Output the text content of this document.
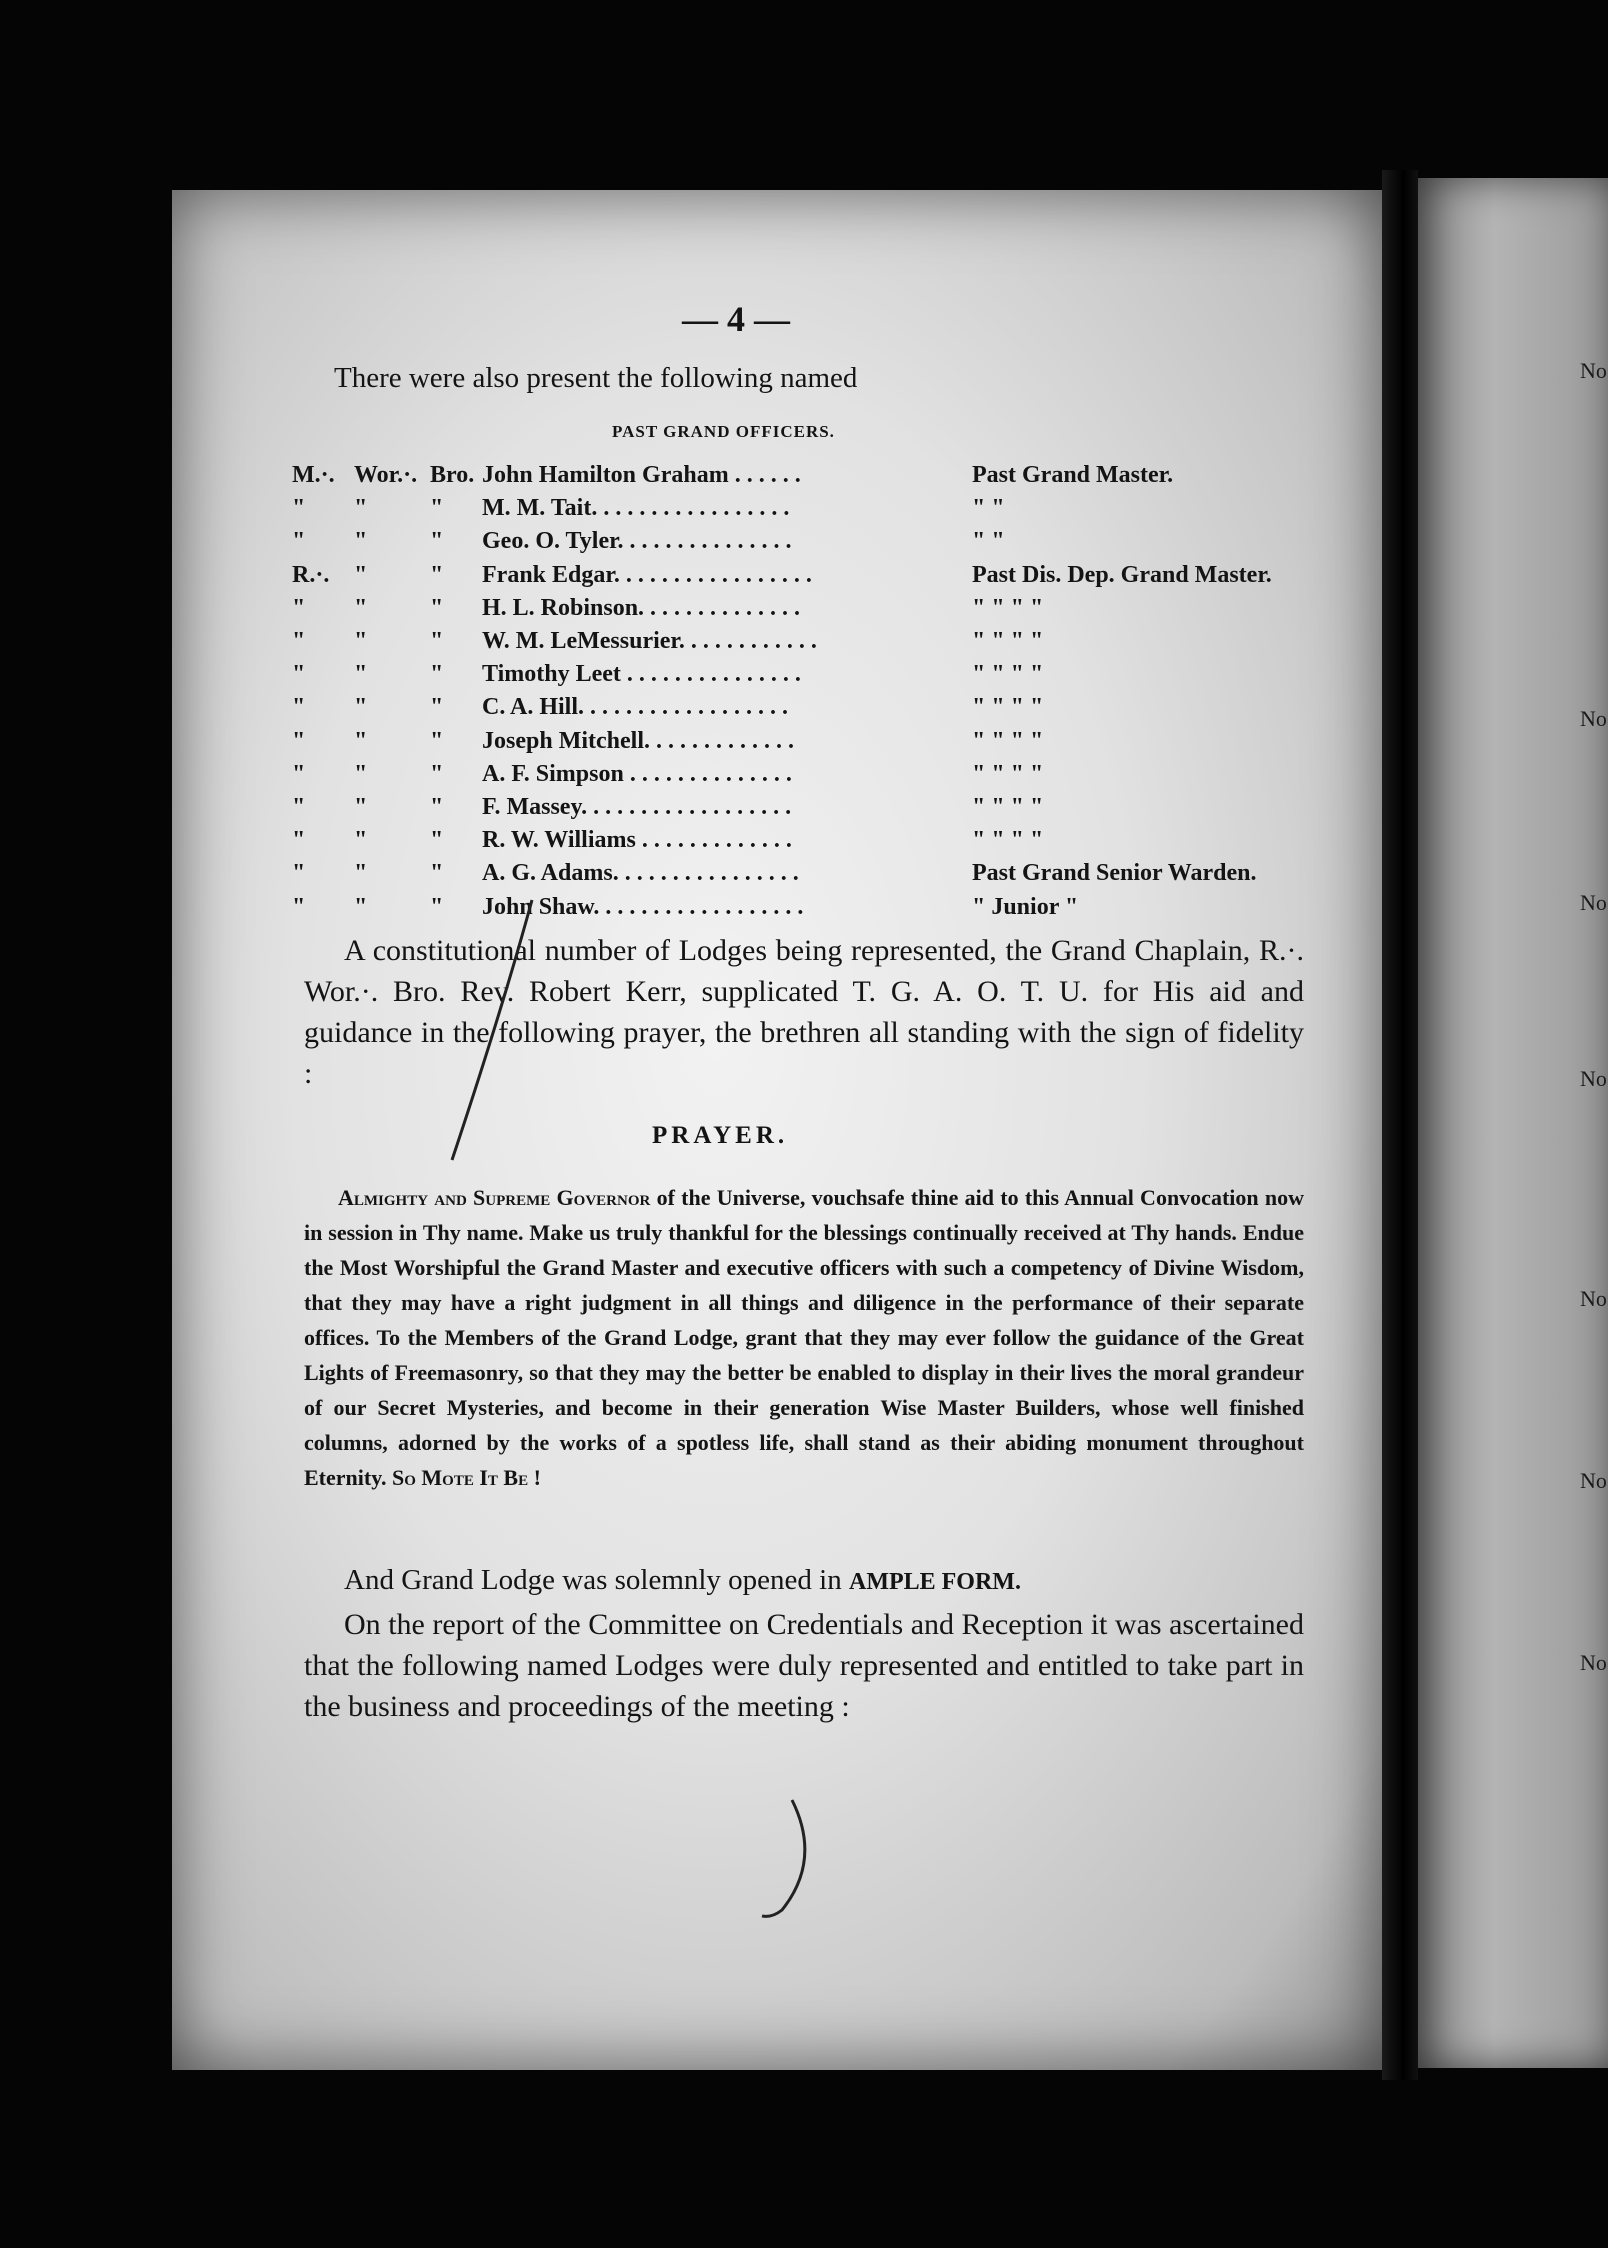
No
No
No
No
No
No
No
— 4 —
There were also present the following named
PAST GRAND OFFICERS.
M.·. Wor.·. Bro. John Hamilton Graham . . . . . .	Past Grand Master.
"	"	" M. M. Tait. . . . . . . . . . . . . . . . .	" "
"	"	" Geo. O. Tyler. . . . . . . . . . . . . . .	" "
R.·.	"	" Frank Edgar. . . . . . . . . . . . . . . . .	Past Dis. Dep. Grand Master.
"	"	" H. L. Robinson. . . . . . . . . . . . . .	" " " "
"	"	" W. M. LeMessurier. . . . . . . . . . . .	" " " "
"	"	" Timothy Leet . . . . . . . . . . . . . . .	" " " "
"	"	" C. A. Hill. . . . . . . . . . . . . . . . . .	" " " "
"	"	" Joseph Mitchell. . . . . . . . . . . . .	" " " "
"	"	" A. F. Simpson . . . . . . . . . . . . . .	" " " "
"	"	" F. Massey. . . . . . . . . . . . . . . . . .	" " " "
"	"	" R. W. Williams . . . . . . . . . . . . .	" " " "
"	"	" A. G. Adams. . . . . . . . . . . . . . . .	Past Grand Senior Warden.
"	"	" John Shaw. . . . . . . . . . . . . . . . . .	" Junior "
A constitutional number of Lodges being represented, the Grand Chaplain, R.·. Wor.·. Bro. Rev. Robert Kerr, supplicated T. G. A. O. T. U. for His aid and guidance in the following prayer, the brethren all standing with the sign of fidelity :
PRAYER.
Almighty and Supreme Governor of the Universe, vouchsafe thine aid to this Annual Convocation now in session in Thy name. Make us truly thankful for the blessings continually received at Thy hands. Endue the Most Worshipful the Grand Master and executive officers with such a competency of Divine Wisdom, that they may have a right judgment in all things and diligence in the performance of their separate offices. To the Members of the Grand Lodge, grant that they may ever follow the guidance of the Great Lights of Freemasonry, so that they may the better be enabled to display in their lives the moral grandeur of our Secret Mysteries, and become in their generation Wise Master Builders, whose well finished columns, adorned by the works of a spotless life, shall stand as their abiding monument throughout Eternity. So Mote It Be !
And Grand Lodge was solemnly opened in AMPLE FORM.
On the report of the Committee on Credentials and Reception it was ascertained that the following named Lodges were duly represented and entitled to take part in the business and proceedings of the meeting :
